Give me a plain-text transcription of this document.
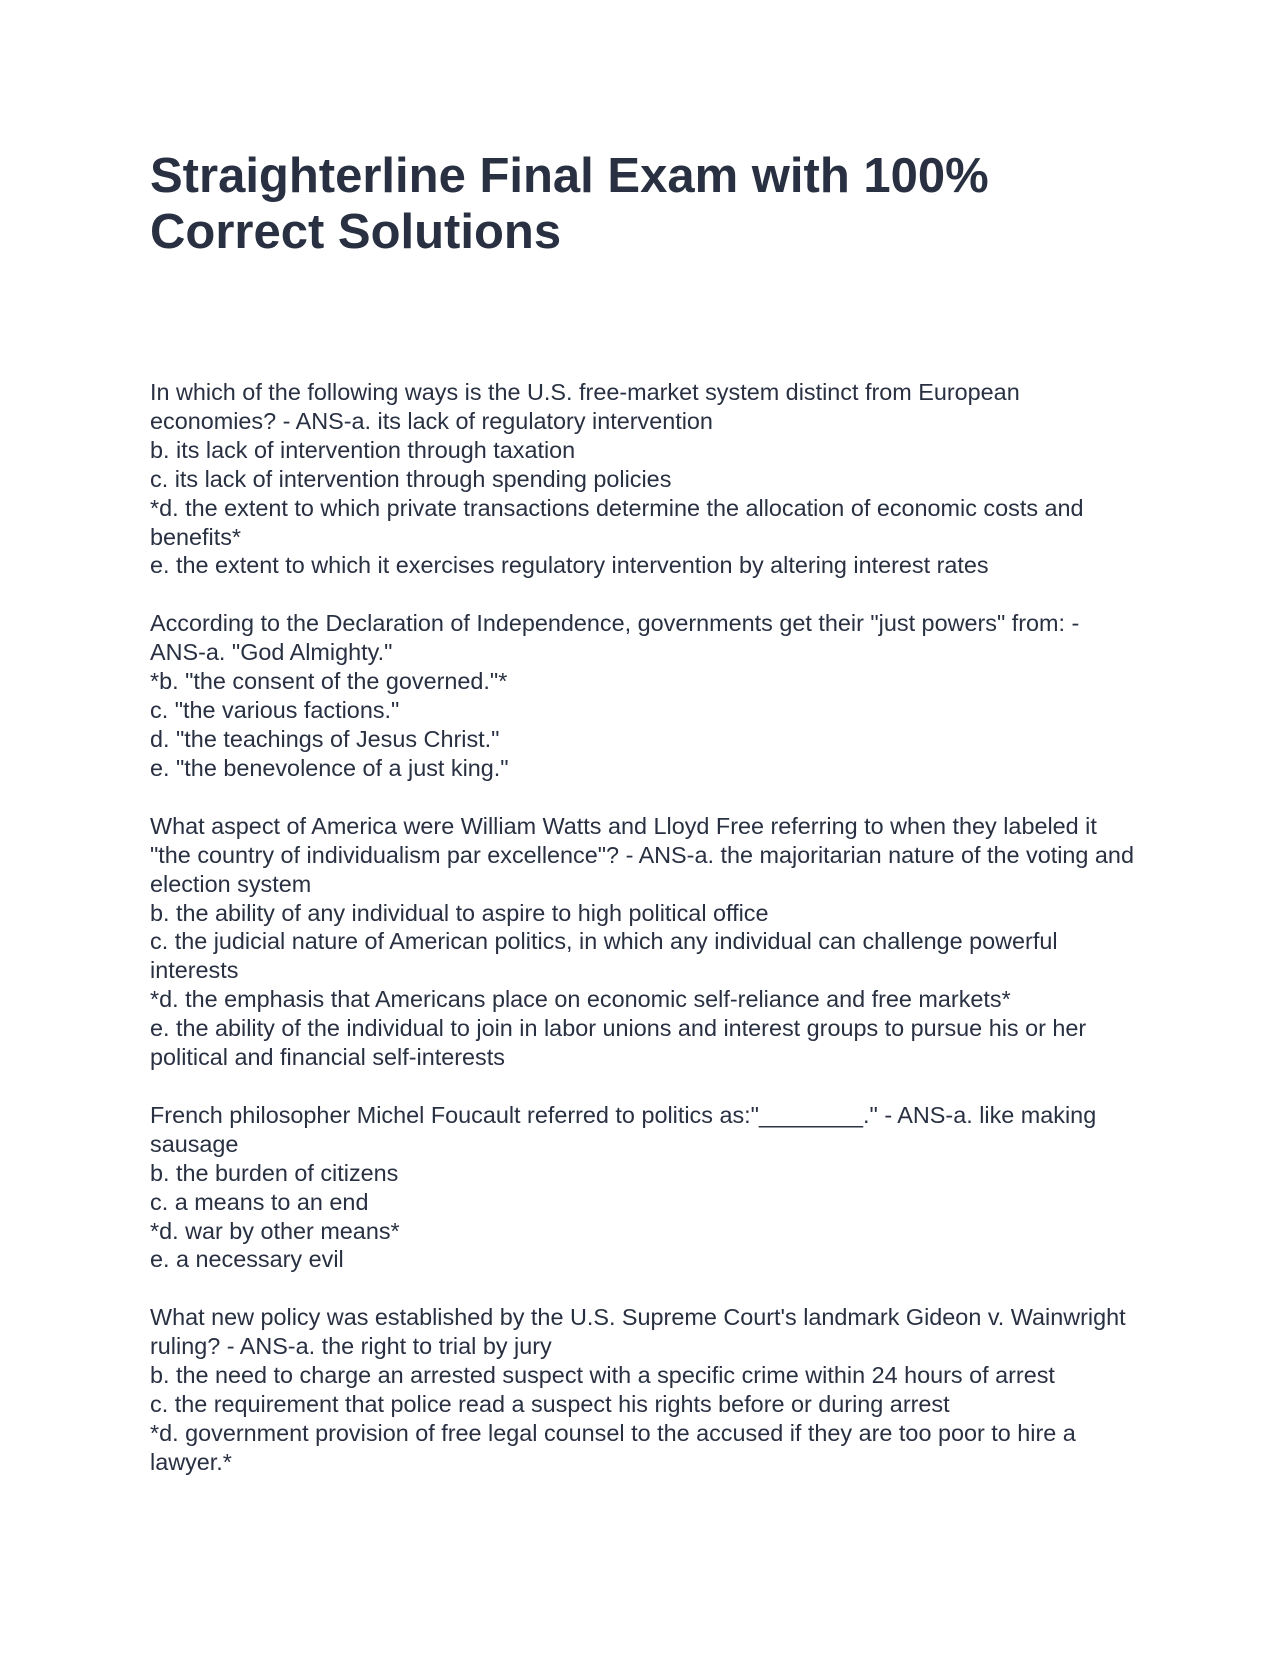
Straighterline Final Exam with 100% Correct Solutions

In which of the following ways is the U.S. free-market system distinct from European economies? - ANS-a. its lack of regulatory intervention

b. its lack of intervention through taxation

c. its lack of intervention through spending policies

*d. the extent to which private transactions determine the allocation of economic costs and benefits*

e. the extent to which it exercises regulatory intervention by altering interest rates

According to the Declaration of Independence, governments get their "just powers" from: - ANS-a. "God Almighty."

*b. "the consent of the governed."*

c. "the various factions."

d. "the teachings of Jesus Christ."

e. "the benevolence of a just king."

What aspect of America were William Watts and Lloyd Free referring to when they labeled it "the country of individualism par excellence"? - ANS-a. the majoritarian nature of the voting and election system

b. the ability of any individual to aspire to high political office

c. the judicial nature of American politics, in which any individual can challenge powerful interests

*d. the emphasis that Americans place on economic self-reliance and free markets*

e. the ability of the individual to join in labor unions and interest groups to pursue his or her political and financial self-interests

French philosopher Michel Foucault referred to politics as:"________." - ANS-a. like making sausage

b. the burden of citizens

c. a means to an end

*d. war by other means*

e. a necessary evil

What new policy was established by the U.S. Supreme Court's landmark Gideon v. Wainwright ruling? - ANS-a. the right to trial by jury

b. the need to charge an arrested suspect with a specific crime within 24 hours of arrest

c. the requirement that police read a suspect his rights before or during arrest

*d. government provision of free legal counsel to the accused if they are too poor to hire a lawyer.*
